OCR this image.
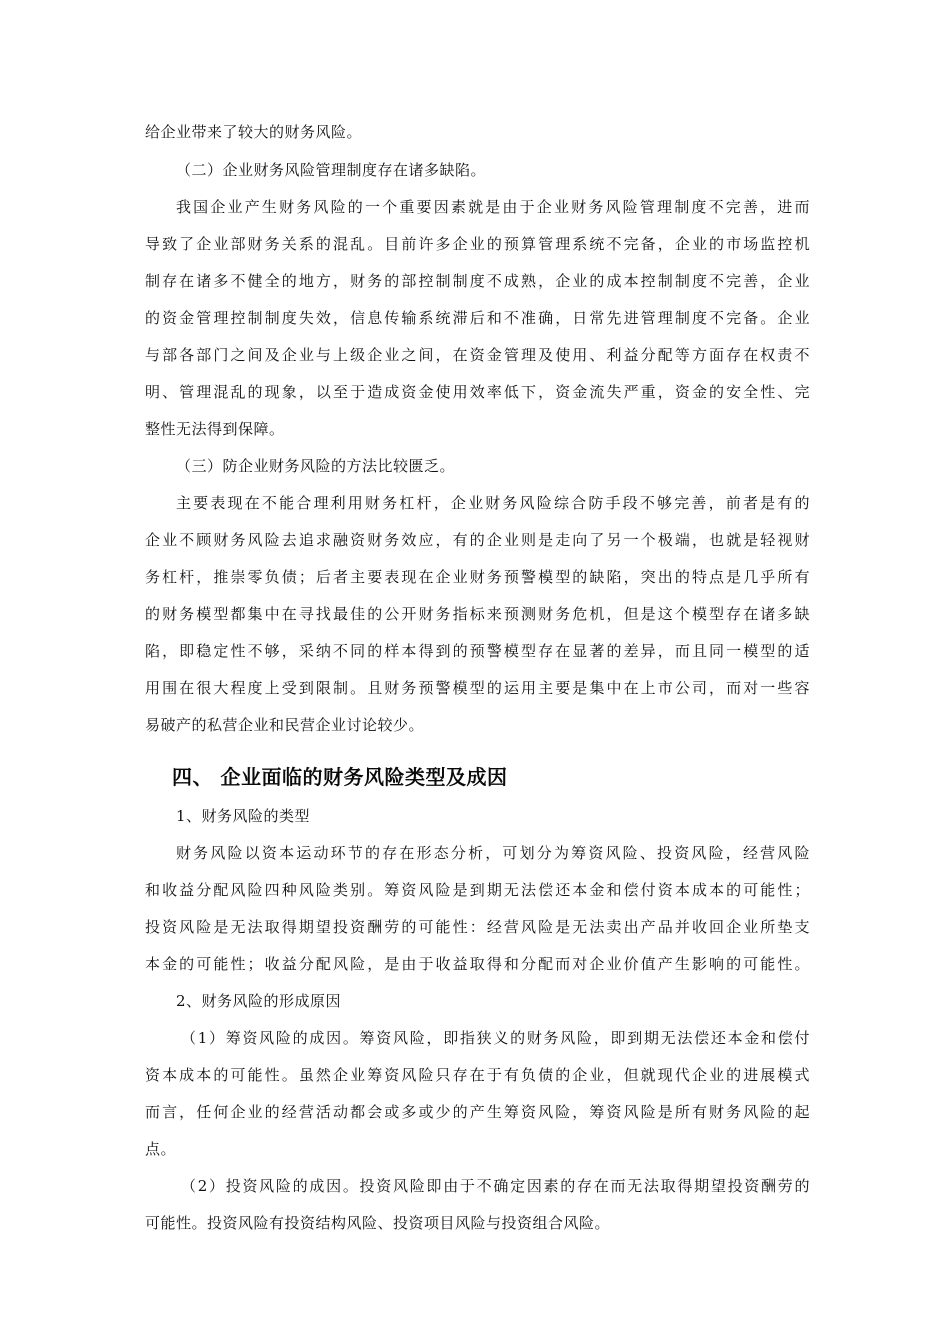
给企业带来了较大的财务风险。
（二）企业财务风险管理制度存在诸多缺陷。
我国企业产生财务风险的一个重要因素就是由于企业财务风险管理制度不完善，进而
导致了企业部财务关系的混乱。目前许多企业的预算管理系统不完备，企业的市场监控机
制存在诸多不健全的地方，财务的部控制制度不成熟，企业的成本控制制度不完善，企业
的资金管理控制制度失效，信息传输系统滞后和不准确，日常先进管理制度不完备。企业
与部各部门之间及企业与上级企业之间，在资金管理及使用、利益分配等方面存在权责不
明、管理混乱的现象，以至于造成资金使用效率低下，资金流失严重，资金的安全性、完
整性无法得到保障。
（三）防企业财务风险的方法比较匮乏。
主要表现在不能合理利用财务杠杆，企业财务风险综合防手段不够完善，前者是有的
企业不顾财务风险去追求融资财务效应，有的企业则是走向了另一个极端，也就是轻视财
务杠杆，推崇零负债；后者主要表现在企业财务预警模型的缺陷，突出的特点是几乎所有
的财务模型都集中在寻找最佳的公开财务指标来预测财务危机，但是这个模型存在诸多缺
陷，即稳定性不够，采纳不同的样本得到的预警模型存在显著的差异，而且同一模型的适
用围在很大程度上受到限制。且财务预警模型的运用主要是集中在上市公司，而对一些容
易破产的私营企业和民营企业讨论较少。
四、 企业面临的财务风险类型及成因
1、财务风险的类型
财务风险以资本运动环节的存在形态分析，可划分为筹资风险、投资风险，经营风险
和收益分配风险四种风险类别。筹资风险是到期无法偿还本金和偿付资本成本的可能性；
投资风险是无法取得期望投资酬劳的可能性：经营风险是无法卖出产品并收回企业所垫支
本金的可能性；收益分配风险，是由于收益取得和分配而对企业价值产生影响的可能性。
2、财务风险的形成原因
（1）筹资风险的成因。筹资风险，即指狭义的财务风险，即到期无法偿还本金和偿付
资本成本的可能性。虽然企业筹资风险只存在于有负债的企业，但就现代企业的进展模式
而言，任何企业的经营活动都会或多或少的产生筹资风险，筹资风险是所有财务风险的起
点。
（2）投资风险的成因。投资风险即由于不确定因素的存在而无法取得期望投资酬劳的
可能性。投资风险有投资结构风险、投资项目风险与投资组合风险。
